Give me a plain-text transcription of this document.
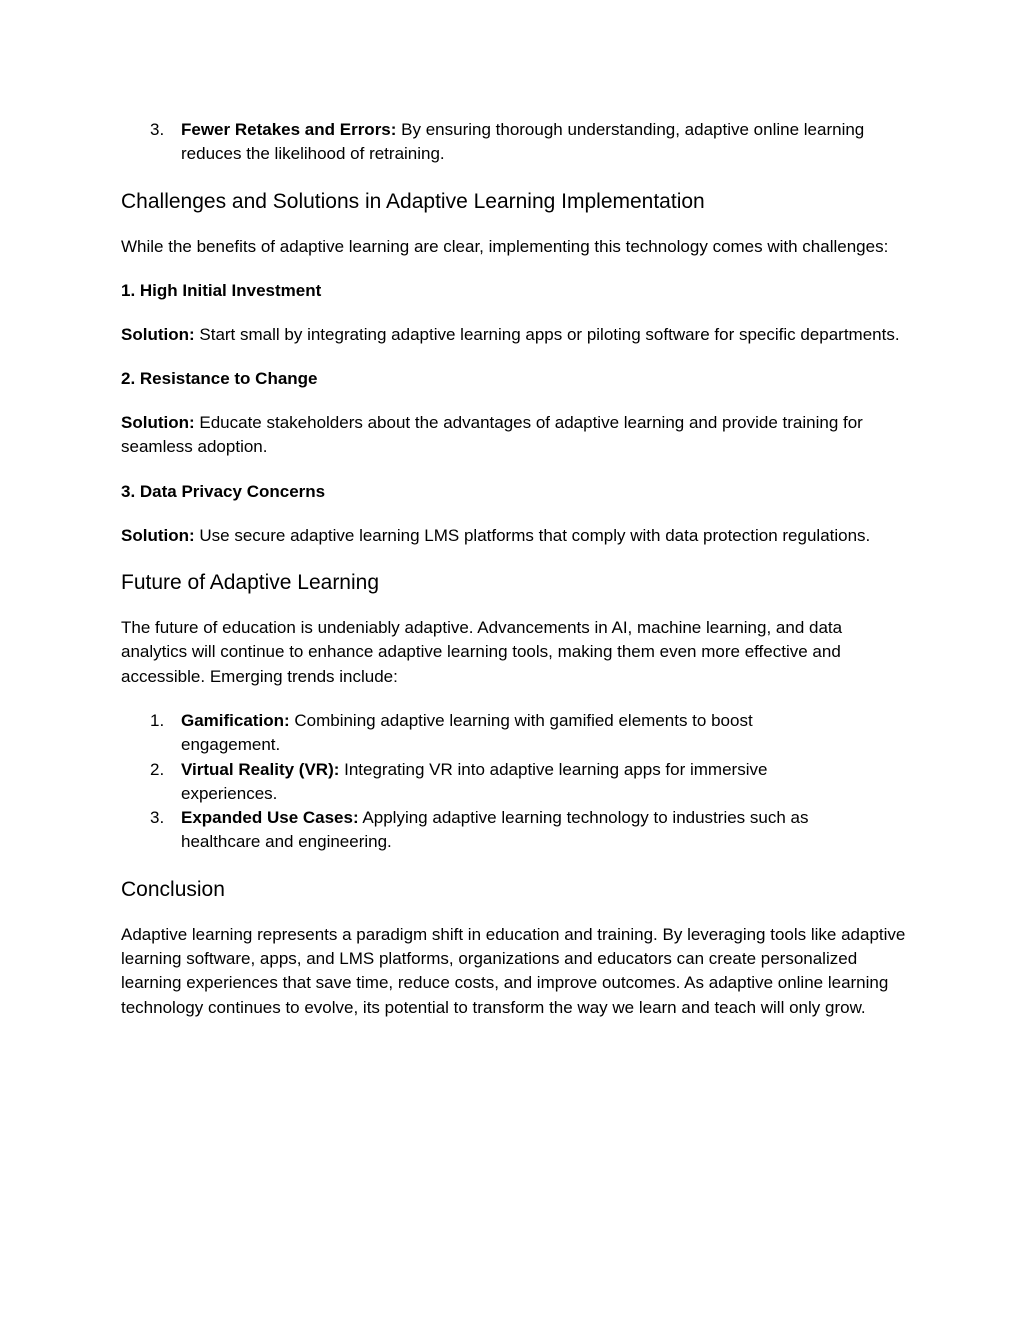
3. Fewer Retakes and Errors: By ensuring thorough understanding, adaptive online learning reduces the likelihood of retraining.
Challenges and Solutions in Adaptive Learning Implementation

While the benefits of adaptive learning are clear, implementing this technology comes with challenges:

1. High Initial Investment

Solution: Start small by integrating adaptive learning apps or piloting software for specific departments.

2. Resistance to Change

Solution: Educate stakeholders about the advantages of adaptive learning and provide training for seamless adoption.

3. Data Privacy Concerns

Solution: Use secure adaptive learning LMS platforms that comply with data protection regulations.

Future of Adaptive Learning

The future of education is undeniably adaptive. Advancements in AI, machine learning, and data analytics will continue to enhance adaptive learning tools, making them even more effective and accessible. Emerging trends include:

1. Gamification: Combining adaptive learning with gamified elements to boost engagement.
2. Virtual Reality (VR): Integrating VR into adaptive learning apps for immersive experiences.
3. Expanded Use Cases: Applying adaptive learning technology to industries such as healthcare and engineering.
Conclusion

Adaptive learning represents a paradigm shift in education and training. By leveraging tools like adaptive learning software, apps, and LMS platforms, organizations and educators can create personalized learning experiences that save time, reduce costs, and improve outcomes. As adaptive online learning technology continues to evolve, its potential to transform the way we learn and teach will only grow.
